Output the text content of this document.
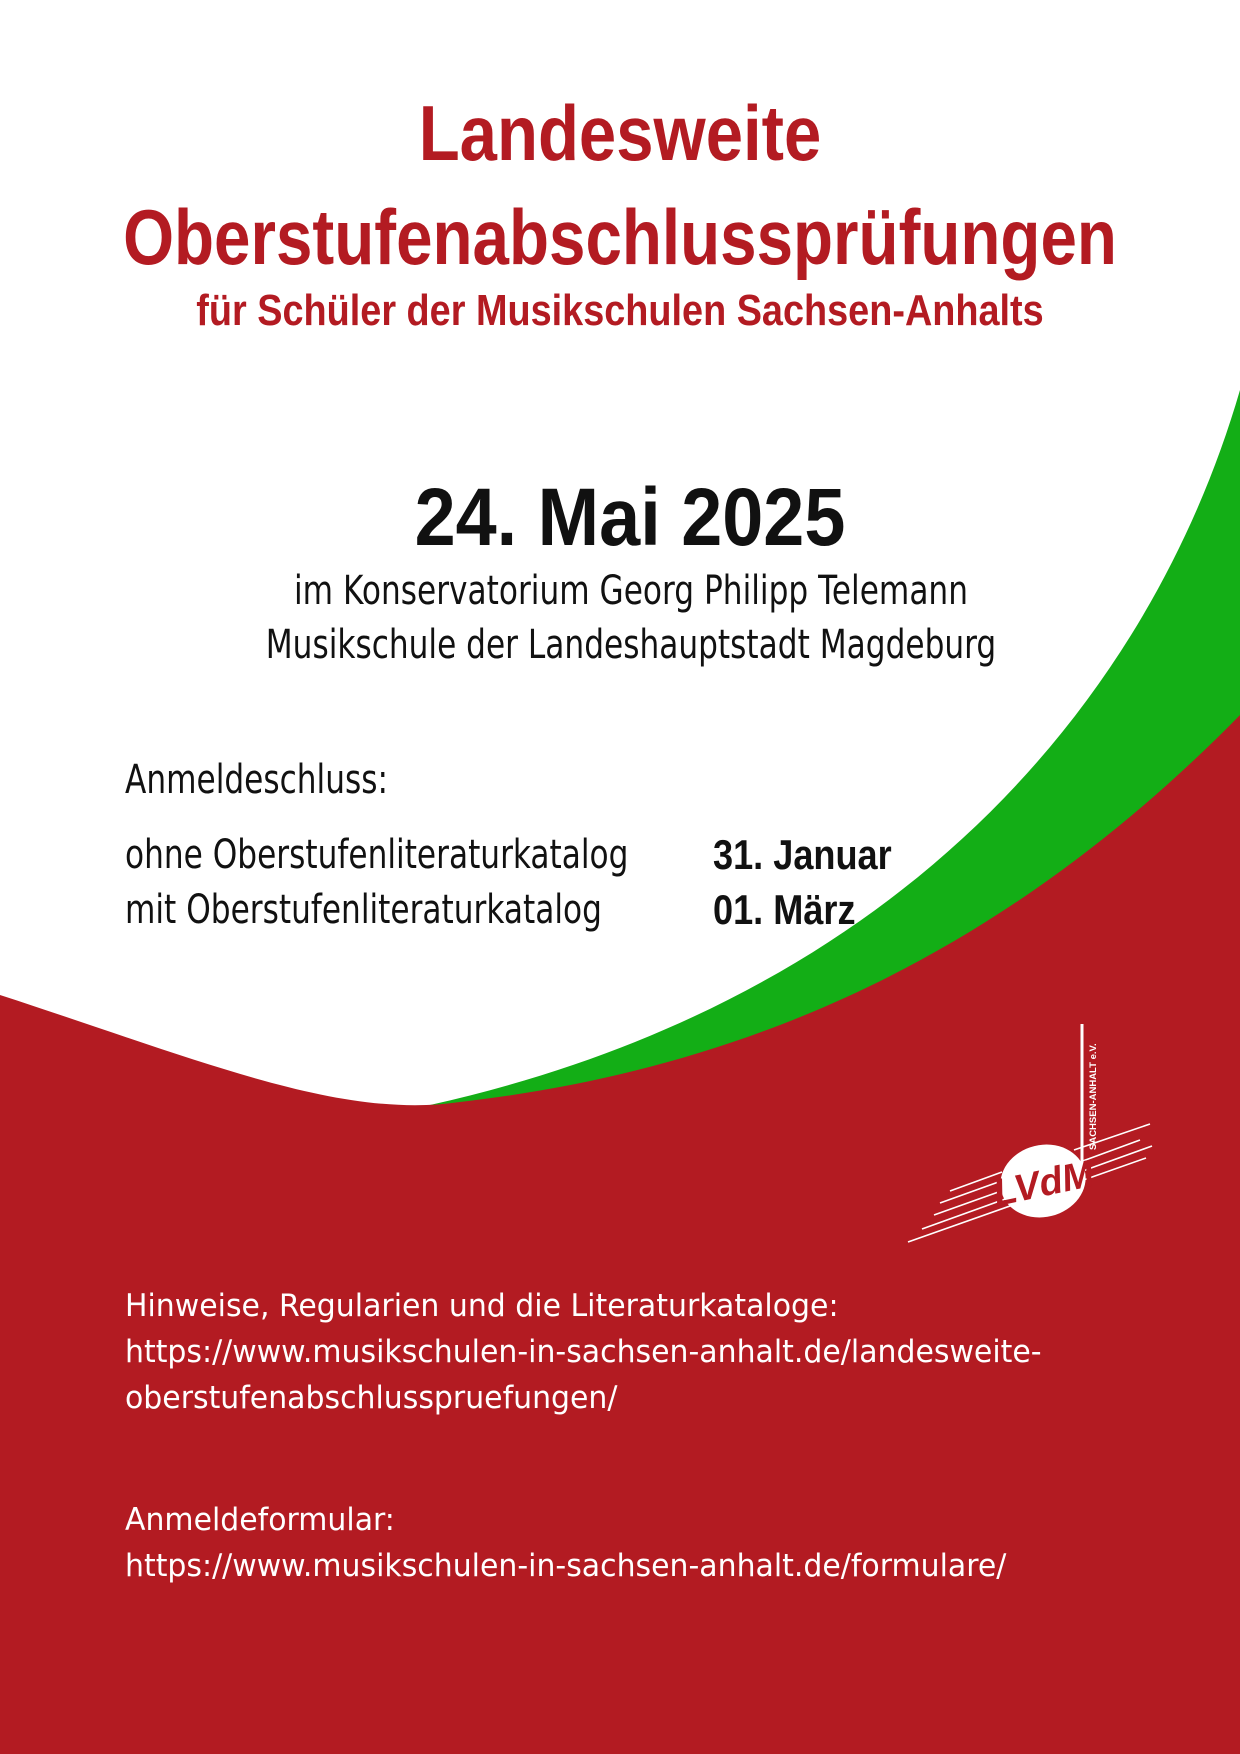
Landesweite
Oberstufenabschlussprüfungen
für Schüler der Musikschulen Sachsen-Anhalts
24. Mai 2025
im Konservatorium Georg Philipp Telemann
Musikschule der Landeshauptstadt Magdeburg
Anmeldeschluss:
ohne Oberstufenliteraturkatalog 31. Januar
mit Oberstufenliteraturkatalog	01. März
LVdM
SACHSEN-ANHALT e.V.
Hinweise, Regularien und die Literaturkataloge:
https://www.musikschulen-in-sachsen-anhalt.de/landesweite-
oberstufenabschlusspruefungen/
Anmeldeformular:
https://www.musikschulen-in-sachsen-anhalt.de/formulare/
